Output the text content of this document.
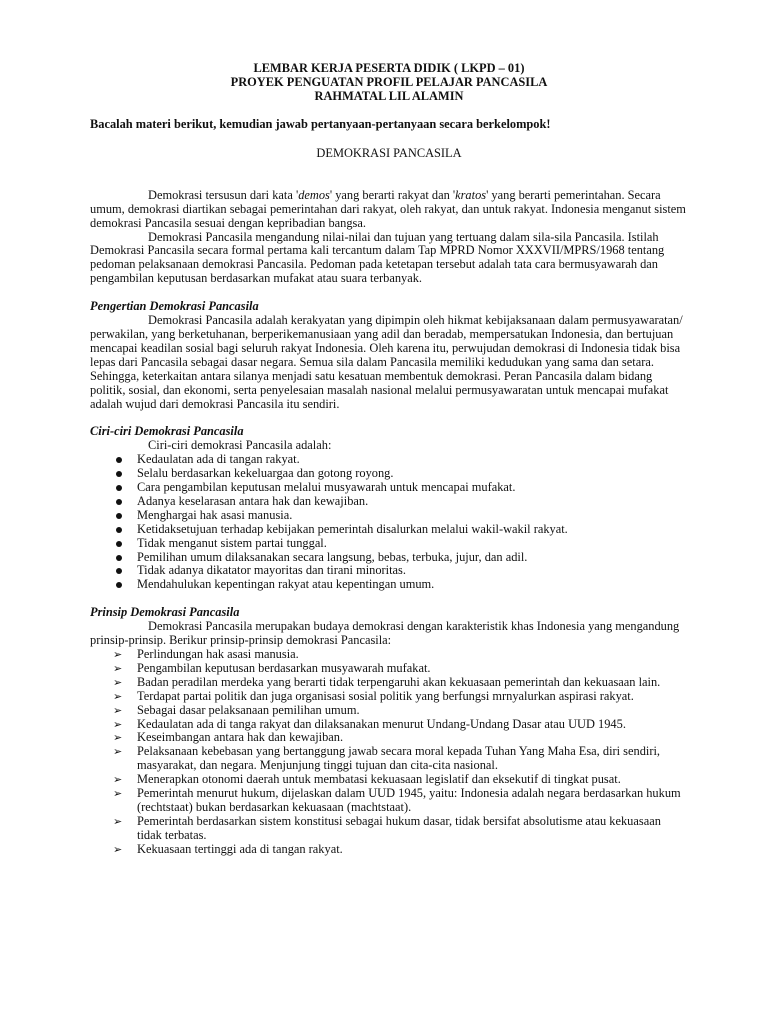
LEMBAR KERJA PESERTA DIDIK ( LKPD – 01)
PROYEK PENGUATAN PROFIL PELAJAR PANCASILA
RAHMATAL LIL ALAMIN
Bacalah materi berikut, kemudian jawab pertanyaan-pertanyaan secara berkelompok!
DEMOKRASI PANCASILA

Demokrasi tersusun dari kata 'demos' yang berarti rakyat dan 'kratos' yang berarti pemerintahan. Secara umum, demokrasi diartikan sebagai pemerintahan dari rakyat, oleh rakyat, dan untuk rakyat. Indonesia menganut sistem demokrasi Pancasila sesuai dengan kepribadian bangsa.

Demokrasi Pancasila mengandung nilai-nilai dan tujuan yang tertuang dalam sila-sila Pancasila. Istilah Demokrasi Pancasila secara formal pertama kali tercantum dalam Tap MPRD Nomor XXXVII/MPRS/1968 tentang pedoman pelaksanaan demokrasi Pancasila. Pedoman pada ketetapan tersebut adalah tata cara bermusyawarah dan pengambilan keputusan berdasarkan mufakat atau suara terbanyak.

Pengertian Demokrasi Pancasila

Demokrasi Pancasila adalah kerakyatan yang dipimpin oleh hikmat kebijaksanaan dalam permusyawaratan/ perwakilan, yang berketuhanan, berperikemanusiaan yang adil dan beradab, mempersatukan Indonesia, dan bertujuan mencapai keadilan sosial bagi seluruh rakyat Indonesia. Oleh karena itu, perwujudan demokrasi di Indonesia tidak bisa lepas dari Pancasila sebagai dasar negara. Semua sila dalam Pancasila memiliki kedudukan yang sama dan setara. Sehingga, keterkaitan antara silanya menjadi satu kesatuan membentuk demokrasi. Peran Pancasila dalam bidang politik, sosial, dan ekonomi, serta penyelesaian masalah nasional melalui permusyawaratan untuk mencapai mufakat adalah wujud dari demokrasi Pancasila itu sendiri.

Ciri-ciri Demokrasi Pancasila

Ciri-ciri demokrasi Pancasila adalah:

Kedaulatan ada di tangan rakyat.
Selalu berdasarkan kekeluargaa dan gotong royong.
Cara pengambilan keputusan melalui musyawarah untuk mencapai mufakat.
Adanya keselarasan antara hak dan kewajiban.
Menghargai hak asasi manusia.
Ketidaksetujuan terhadap kebijakan pemerintah disalurkan melalui wakil-wakil rakyat.
Tidak menganut sistem partai tunggal.
Pemilihan umum dilaksanakan secara langsung, bebas, terbuka, jujur, dan adil.
Tidak adanya dikatator mayoritas dan tirani minoritas.
Mendahulukan kepentingan rakyat atau kepentingan umum.

Prinsip Demokrasi Pancasila

Demokrasi Pancasila merupakan budaya demokrasi dengan karakteristik khas Indonesia yang mengandung prinsip-prinsip. Berikur prinsip-prinsip demokrasi Pancasila:

➢	Perlindungan hak asasi manusia.
➢	Pengambilan keputusan berdasarkan musyawarah mufakat.
➢	Badan peradilan merdeka yang berarti tidak terpengaruhi akan kekuasaan pemerintah dan kekuasaan lain.
➢	Terdapat partai politik dan juga organisasi sosial politik yang berfungsi mrnyalurkan aspirasi rakyat.
➢	Sebagai dasar pelaksanaan pemilihan umum.
➢	Kedaulatan ada di tanga rakyat dan dilaksanakan menurut Undang-Undang Dasar atau UUD 1945.
➢	Keseimbangan antara hak dan kewajiban.
➢	Pelaksanaan kebebasan yang bertanggung jawab secara moral kepada Tuhan Yang Maha Esa, diri sendiri, masyarakat, dan negara. Menjunjung tinggi tujuan dan cita-cita nasional.
➢	Menerapkan otonomi daerah untuk membatasi kekuasaan legislatif dan eksekutif di tingkat pusat.
➢	Pemerintah menurut hukum, dijelaskan dalam UUD 1945, yaitu: Indonesia adalah negara berdasarkan hukum (rechtstaat) bukan berdasarkan kekuasaan (machtstaat).
➢	Pemerintah berdasarkan sistem konstitusi sebagai hukum dasar, tidak bersifat absolutisme atau kekuasaan tidak terbatas.
➢	Kekuasaan tertinggi ada di tangan rakyat.
